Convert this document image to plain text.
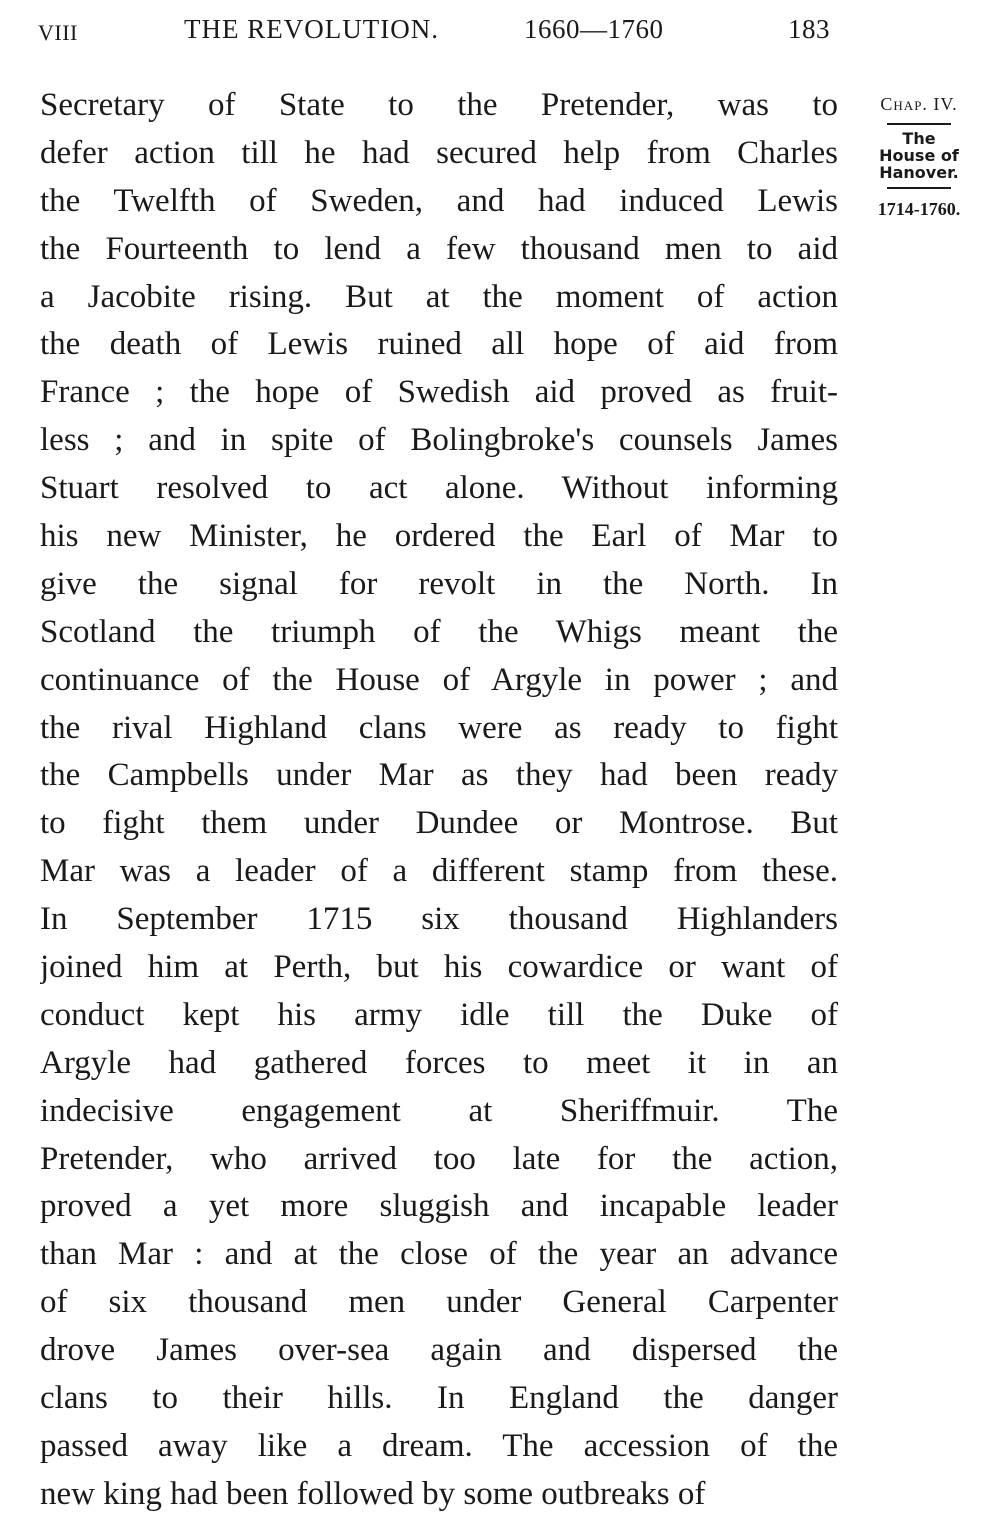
VIII	THE REVOLUTION.	1660—1760	183
Secretary of State to the Pretender, was to
defer action till he had secured help from Charles
the Twelfth of Sweden, and had induced Lewis
the Fourteenth to lend a few thousand men to aid
a Jacobite rising. But at the moment of action
the death of Lewis ruined all hope of aid from
France ; the hope of Swedish aid proved as fruit-
less ; and in spite of Bolingbroke's counsels James
Stuart resolved to act alone. Without informing
his new Minister, he ordered the Earl of Mar to
give the signal for revolt in the North. In
Scotland the triumph of the Whigs meant the
continuance of the House of Argyle in power ; and
the rival Highland clans were as ready to fight
the Campbells under Mar as they had been ready
to fight them under Dundee or Montrose. But
Mar was a leader of a different stamp from these.
In September 1715 six thousand Highlanders
joined him at Perth, but his cowardice or want of
conduct kept his army idle till the Duke of
Argyle had gathered forces to meet it in an
indecisive engagement at Sheriffmuir. The
Pretender, who arrived too late for the action,
proved a yet more sluggish and incapable leader
than Mar : and at the close of the year an advance
of six thousand men under General Carpenter
drove James over-sea again and dispersed the
clans to their hills. In England the danger
passed away like a dream. The accession of the
new king had been followed by some outbreaks of
Chap. IV.
The
House of
Hanover.
1714-1760.
